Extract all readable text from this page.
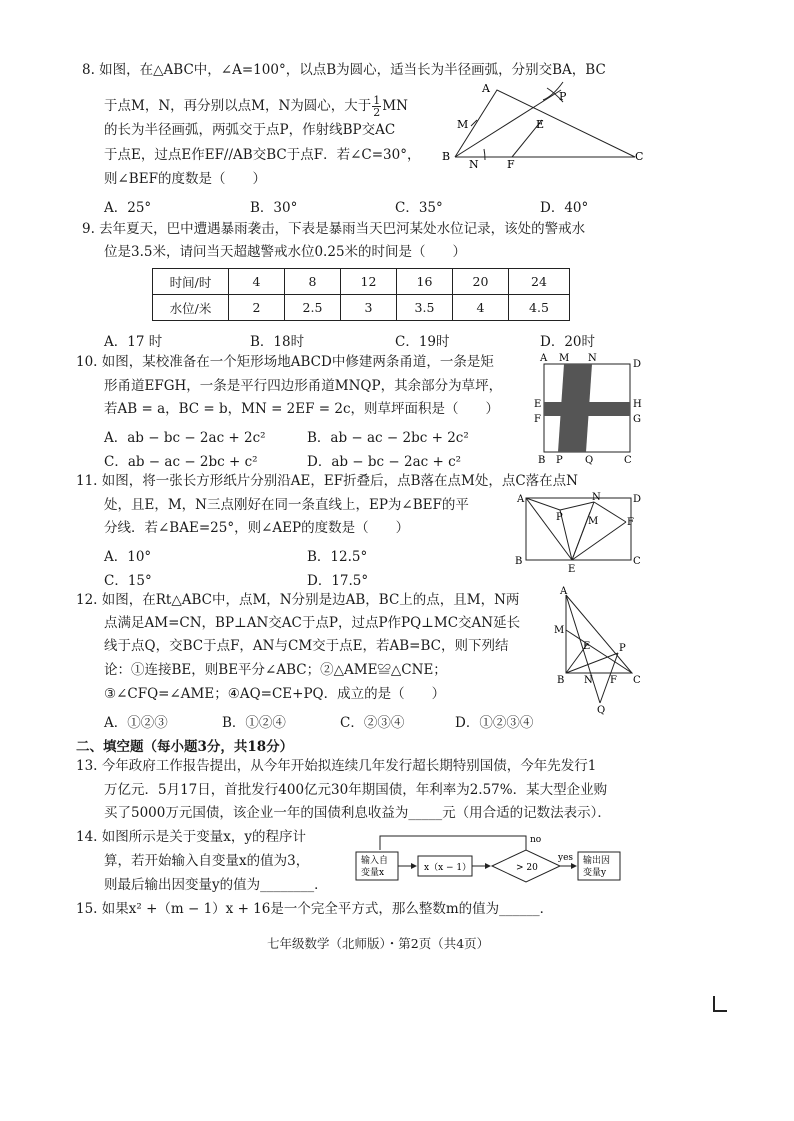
8. 如图，在△ABC中，∠A=100°，以点B为圆心，适当长为半径画弧，分别交BA，BC
于点M，N，再分别以点M，N为圆心，大于 $\frac{1}{2}$ MN
的长为半径画弧，两弧交于点P，作射线BP交AC
于点E，过点E作EF//AB交BC于点F．若∠C=30°，
则∠BEF的度数是（　　）
A．25°	B．30°	C．35°	D．40°
A
P
M	E
B
N	F
C
9. 去年夏天，巴中遭遇暴雨袭击，下表是暴雨当天巴河某处水位记录，该处的警戒水
位是3.5米，请问当天超越警戒水位0.25米的时间是（　　）
时间/时	4	8	12	16	20	24
水位/米	2	2.5	3	3.5	4	4.5
A．17 时	B．18时	C．19时	D．20时
10. 如图，某校准备在一个矩形场地ABCD中修建两条甬道，一条是矩
形甬道EFGH，一条是平行四边形甬道MNQP，其余部分为草坪，
若AB = a，BC = b，MN = 2EF = 2c，则草坪面积是（　　）
A．ab − bc − 2ac + 2c²	B．ab − ac − 2bc + 2c²
C．ab − ac − 2bc + c²	D．ab − bc − 2ac + c²
A M N
D
E	H
F	G
B P Q	C
11. 如图，将一张长方形纸片分别沿AE，EF折叠后，点B落在点M处，点C落在点N
处，且E，M，N三点刚好在同一条直线上，EP为∠BEF的平
分线．若∠BAE=25°，则∠AEP的度数是（　　）
A．10°	B．12.5°
C．15°	D．17.5°
A	D
N
P	M	F
B
E
C
12. 如图，在Rt△ABC中，点M，N分别是边AB，BC上的点，且M，N两
点满足AM=CN，BP⊥AN交AC于点P，过点P作PQ⊥MC交AN延长
线于点Q，交BC于点F，AN与CM交于点E，若AB=BC，则下列结
论：①连接BE，则BE平分∠ABC；②△AME≌△CNE；
③∠CFQ=∠AME；④AQ=CE+PQ．成立的是（　　）
A．①②③	B．①②④	C．②③④	D．①②③④
A
M
E	P
B N F C
Q
二、填空题（每小题3分，共18分）
13. 今年政府工作报告提出，从今年开始拟连续几年发行超长期特别国债，今年先发行1
万亿元．5月17日，首批发行400亿元30年期国债，年利率为2.57%．某大型企业购
买了5000万元国债，该企业一年的国债利息收益为_____元（用合适的记数法表示）．
14. 如图所示是关于变量x，y的程序计
算，若开始输入自变量x的值为3，
则最后输出因变量y的值为________．
输入自
变量x	x（x − 1）	> 20
yes
no
输出因
变量y
15. 如果x² +（m − 1）x + 16是一个完全平方式，那么整数m的值为______．
七年级数学（北师版）・第2页（共4页）
